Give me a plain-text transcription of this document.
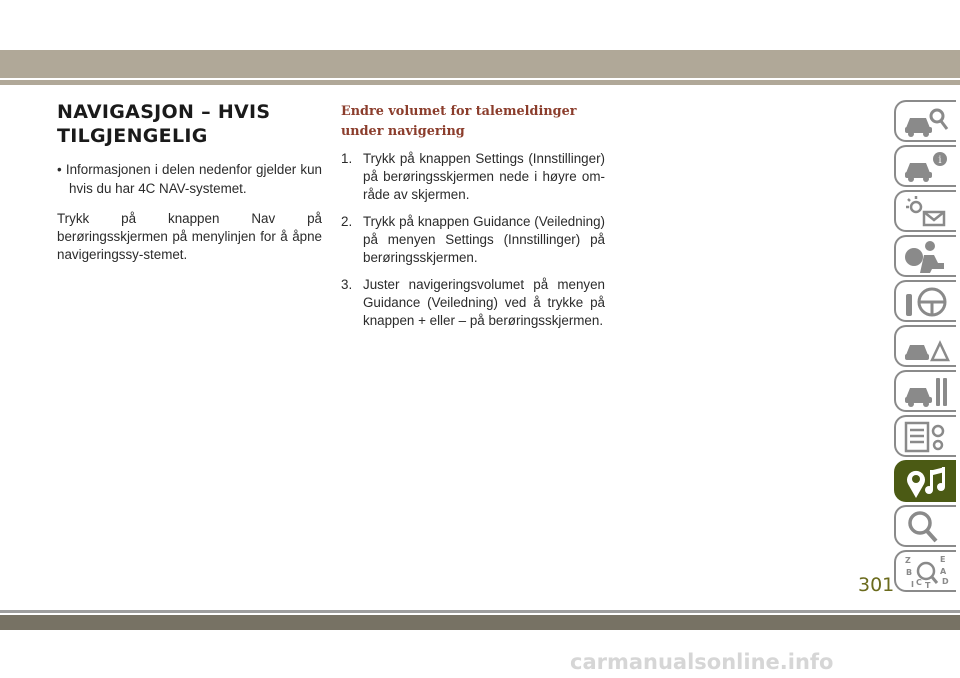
NAVIGASJON – HVIS
TILGJENGELIG

• Informasjonen i delen nedenfor gjelder kun hvis du har 4C NAV-systemet.

Trykk på knappen Nav på berøringsskjermen på menylinjen for å åpne navigeringssy-stemet.

Endre volumet for talemeldinger under navigering
1. Trykk på knappen Settings (Innstillinger) på berøringsskjermen nede i høyre om-råde av skjermen.
2. Trykk på knappen Guidance (Veiledning) på menyen Settings (Innstillinger) på berøringsskjermen.
3. Juster navigeringsvolumet på menyen Guidance (Veiledning) ved å trykke på knappen + eller – på berøringsskjermen.
i
Z	E
B	A
C	D
I T
301
carmanualsonline.info
